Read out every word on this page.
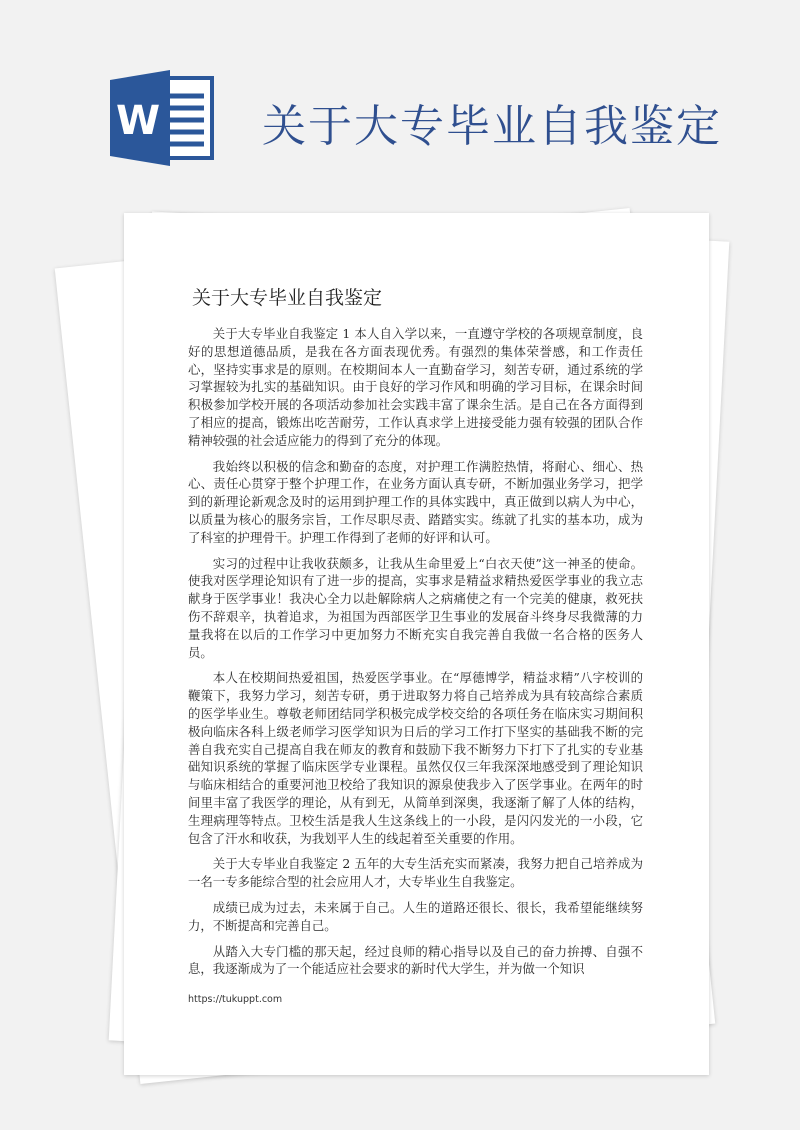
W 关于大专毕业自我鉴定
关于大专毕业自我鉴定

关于大专毕业自我鉴定 1 本人自入学以来，一直遵守学校的各项规章制度，良好的思想道德品质，是我在各方面表现优秀。有强烈的集体荣誉感，和工作责任心，坚持实事求是的原则。在校期间本人一直勤奋学习，刻苦专研，通过系统的学习掌握较为扎实的基础知识。由于良好的学习作风和明确的学习目标，在课余时间积极参加学校开展的各项活动参加社会实践丰富了课余生活。是自己在各方面得到了相应的提高，锻炼出吃苦耐劳，工作认真求学上进接受能力强有较强的团队合作精神较强的社会适应能力的得到了充分的体现。

我始终以积极的信念和勤奋的态度，对护理工作满腔热情，将耐心、细心、热心、责任心贯穿于整个护理工作，在业务方面认真专研，不断加强业务学习，把学到的新理论新观念及时的运用到护理工作的具体实践中，真正做到以病人为中心，以质量为核心的服务宗旨，工作尽职尽责、踏踏实实。练就了扎实的基本功，成为了科室的护理骨干。护理工作得到了老师的好评和认可。

实习的过程中让我收获颇多，让我从生命里爱上“白衣天使”这一神圣的使命。使我对医学理论知识有了进一步的提高，实事求是精益求精热爱医学事业的我立志献身于医学事业！我决心全力以赴解除病人之病痛使之有一个完美的健康，救死扶伤不辞艰辛，执着追求，为祖国为西部医学卫生事业的发展奋斗终身尽我微薄的力量我将在以后的工作学习中更加努力不断充实自我完善自我做一名合格的医务人员。

本人在校期间热爱祖国，热爱医学事业。在“厚德博学，精益求精”八字校训的鞭策下，我努力学习，刻苦专研，勇于进取努力将自己培养成为具有较高综合素质的医学毕业生。尊敬老师团结同学积极完成学校交给的各项任务在临床实习期间积极向临床各科上级老师学习医学知识为日后的学习工作打下坚实的基础我不断的完善自我充实自己提高自我在师友的教育和鼓励下我不断努力下打下了扎实的专业基础知识系统的掌握了临床医学专业课程。虽然仅仅三年我深深地感受到了理论知识与临床相结合的重要河池卫校给了我知识的源泉使我步入了医学事业。在两年的时间里丰富了我医学的理论，从有到无，从简单到深奥，我逐渐了解了人体的结构，生理病理等特点。卫校生活是我人生这条线上的一小段，是闪闪发光的一小段，它包含了汗水和收获，为我划平人生的线起着至关重要的作用。

关于大专毕业自我鉴定 2 五年的大专生活充实而紧凑，我努力把自己培养成为一名一专多能综合型的社会应用人才，大专毕业生自我鉴定。

成绩已成为过去，未来属于自己。人生的道路还很长、很长，我希望能继续努力，不断提高和完善自己。

从踏入大专门槛的那天起，经过良师的精心指导以及自己的奋力拚搏、自强不息，我逐渐成为了一个能适应社会要求的新时代大学生，并为做一个知识

https://tukuppt.com
